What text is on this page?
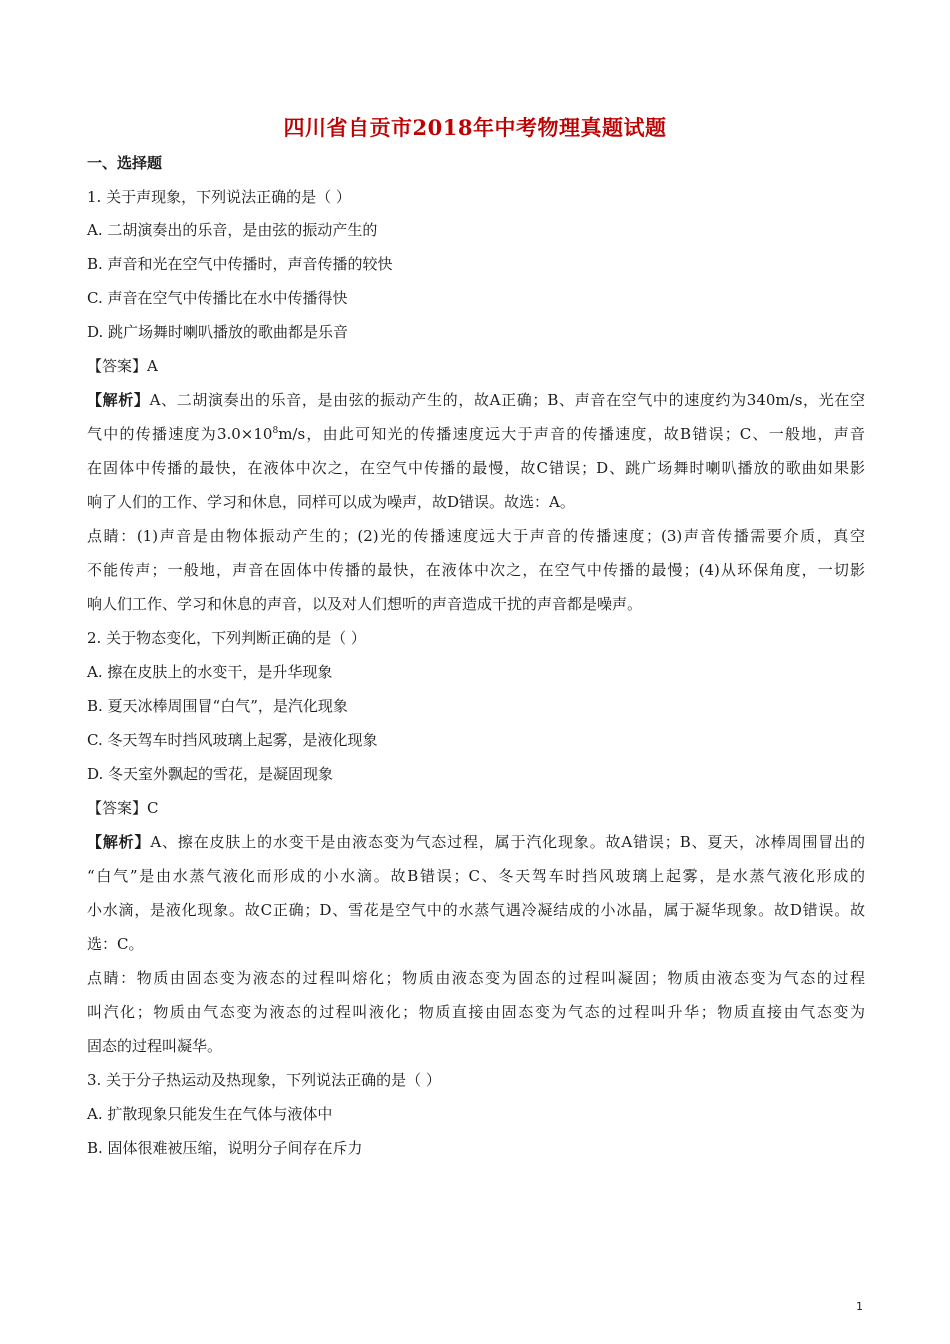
四川省自贡市2018年中考物理真题试题
一、选择题
1. 关于声现象，下列说法正确的是（ ）
A. 二胡演奏出的乐音，是由弦的振动产生的
B. 声音和光在空气中传播时，声音传播的较快
C. 声音在空气中传播比在水中传播得快
D. 跳广场舞时喇叭播放的歌曲都是乐音
【答案】A
【解析】A、二胡演奏出的乐音，是由弦的振动产生的，故A正确；B、声音在空气中的速度约为340m/s，光在空
气中的传播速度为$3.0\times 10^8m/s$，由此可知光的传播速度远大于声音的传播速度，故B错误；C、一般地，声音
在固体中传播的最快，在液体中次之，在空气中传播的最慢，故C错误；D、跳广场舞时喇叭播放的歌曲如果影
响了人们的工作、学习和休息，同样可以成为噪声，故D错误。故选：A。
点睛：(1)声音是由物体振动产生的；(2)光的传播速度远大于声音的传播速度；(3)声音传播需要介质，真空
不能传声；一般地，声音在固体中传播的最快，在液体中次之，在空气中传播的最慢；(4)从环保角度，一切影
响人们工作、学习和休息的声音，以及对人们想听的声音造成干扰的声音都是噪声。
2. 关于物态变化，下列判断正确的是（ ）
A. 擦在皮肤上的水变干，是升华现象
B. 夏天冰棒周围冒“白气”，是汽化现象
C. 冬天驾车时挡风玻璃上起雾，是液化现象
D. 冬天室外飘起的雪花，是凝固现象
【答案】C
【解析】A、擦在皮肤上的水变干是由液态变为气态过程，属于汽化现象。故A错误；B、夏天，冰棒周围冒出的
“白气”是由水蒸气液化而形成的小水滴。故B错误；C、冬天驾车时挡风玻璃上起雾，是水蒸气液化形成的
小水滴，是液化现象。故C正确；D、雪花是空气中的水蒸气遇冷凝结成的小冰晶，属于凝华现象。故D错误。故
选：C。
点睛：物质由固态变为液态的过程叫熔化；物质由液态变为固态的过程叫凝固；物质由液态变为气态的过程
叫汽化；物质由气态变为液态的过程叫液化；物质直接由固态变为气态的过程叫升华；物质直接由气态变为
固态的过程叫凝华。
3. 关于分子热运动及热现象，下列说法正确的是（ ）
A. 扩散现象只能发生在气体与液体中
B. 固体很难被压缩，说明分子间存在斥力
1
